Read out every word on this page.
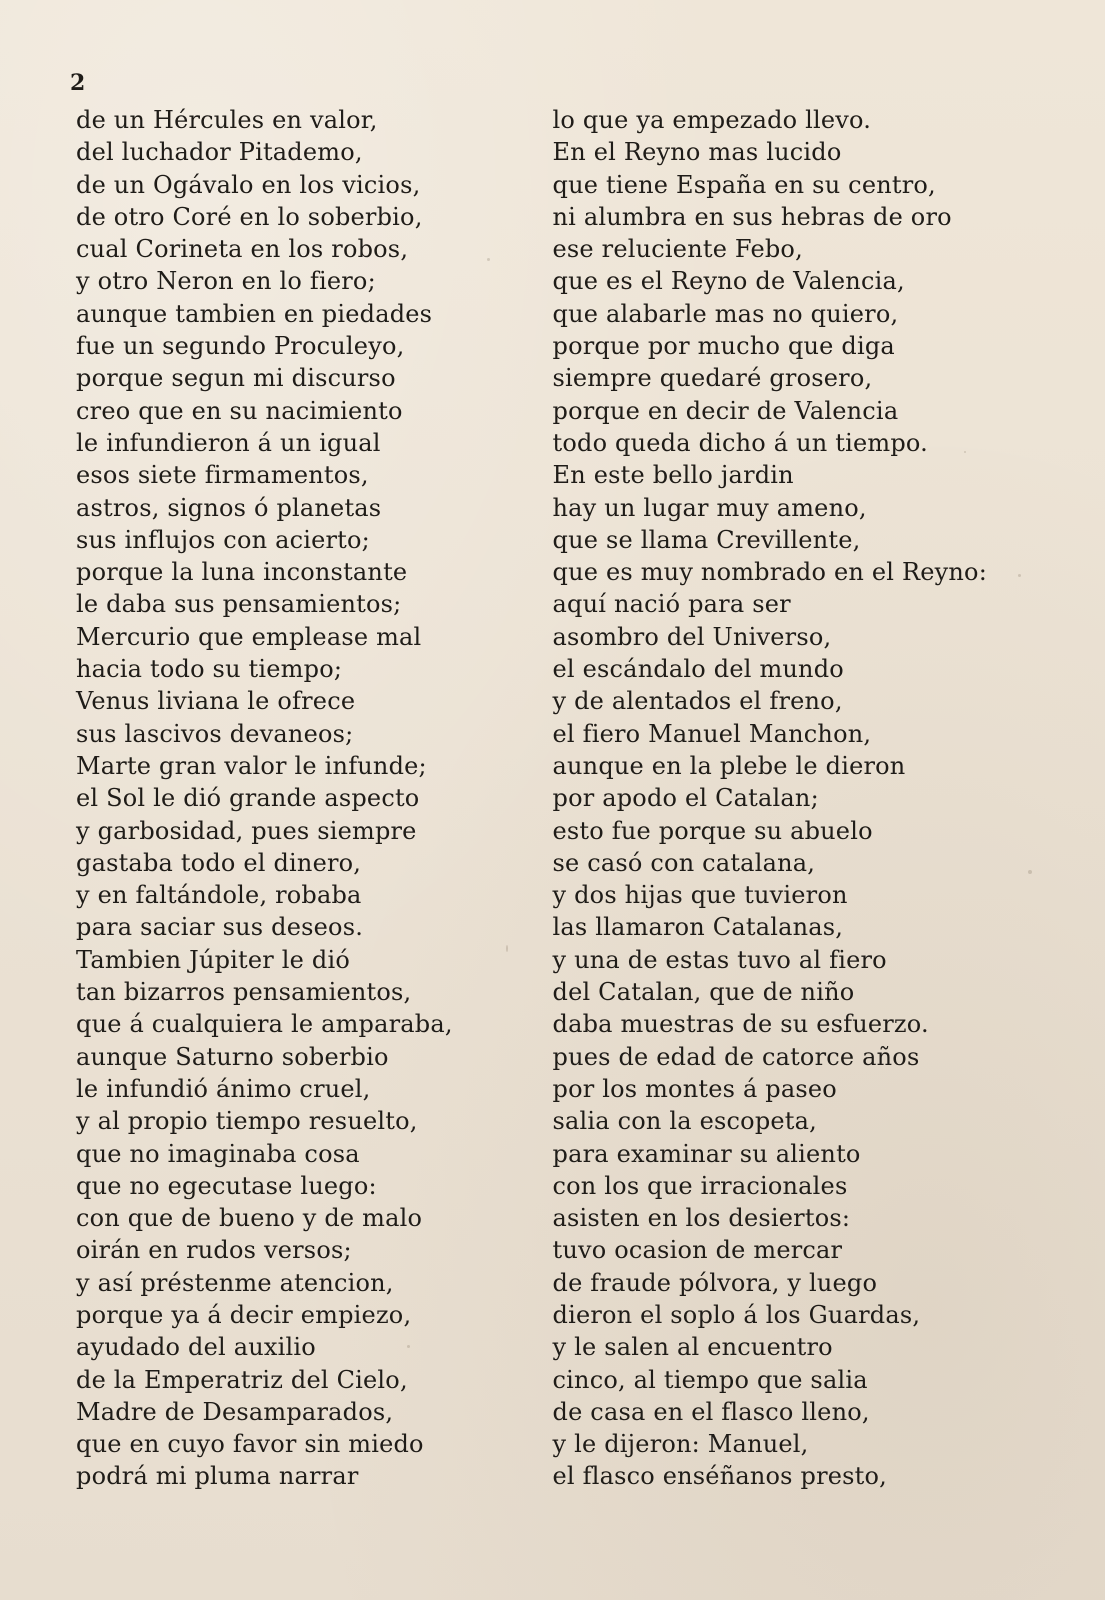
2
de un Hércules en valor,
del luchador Pitademo,
de un Ogávalo en los vicios,
de otro Coré en lo soberbio,
cual Corineta en los robos,
y otro Neron en lo fiero;
aunque tambien en piedades
fue un segundo Proculeyo,
porque segun mi discurso
creo que en su nacimiento
le infundieron á un igual
esos siete firmamentos,
astros, signos ó planetas
sus influjos con acierto;
porque la luna inconstante
le daba sus pensamientos;
Mercurio que emplease mal
hacia todo su tiempo;
Venus liviana le ofrece
sus lascivos devaneos;
Marte gran valor le infunde;
el Sol le dió grande aspecto
y garbosidad, pues siempre
gastaba todo el dinero,
y en faltándole, robaba
para saciar sus deseos.
Tambien Júpiter le dió
tan bizarros pensamientos,
que á cualquiera le amparaba,
aunque Saturno soberbio
le infundió ánimo cruel,
y al propio tiempo resuelto,
que no imaginaba cosa
que no egecutase luego:
con que de bueno y de malo
oirán en rudos versos;
y así préstenme atencion,
porque ya á decir empiezo,
ayudado del auxilio
de la Emperatriz del Cielo,
Madre de Desamparados,
que en cuyo favor sin miedo
podrá mi pluma narrar
lo que ya empezado llevo.
En el Reyno mas lucido
que tiene España en su centro,
ni alumbra en sus hebras de oro
ese reluciente Febo,
que es el Reyno de Valencia,
que alabarle mas no quiero,
porque por mucho que diga
siempre quedaré grosero,
porque en decir de Valencia
todo queda dicho á un tiempo.
En este bello jardin
hay un lugar muy ameno,
que se llama Crevillente,
que es muy nombrado en el Reyno:
aquí nació para ser
asombro del Universo,
el escándalo del mundo
y de alentados el freno,
el fiero Manuel Manchon,
aunque en la plebe le dieron
por apodo el Catalan;
esto fue porque su abuelo
se casó con catalana,
y dos hijas que tuvieron
las llamaron Catalanas,
y una de estas tuvo al fiero
del Catalan, que de niño
daba muestras de su esfuerzo.
pues de edad de catorce años
por los montes á paseo
salia con la escopeta,
para examinar su aliento
con los que irracionales
asisten en los desiertos:
tuvo ocasion de mercar
de fraude pólvora, y luego
dieron el soplo á los Guardas,
y le salen al encuentro
cinco, al tiempo que salia
de casa en el flasco lleno,
y le dijeron: Manuel,
el flasco enséñanos presto,
